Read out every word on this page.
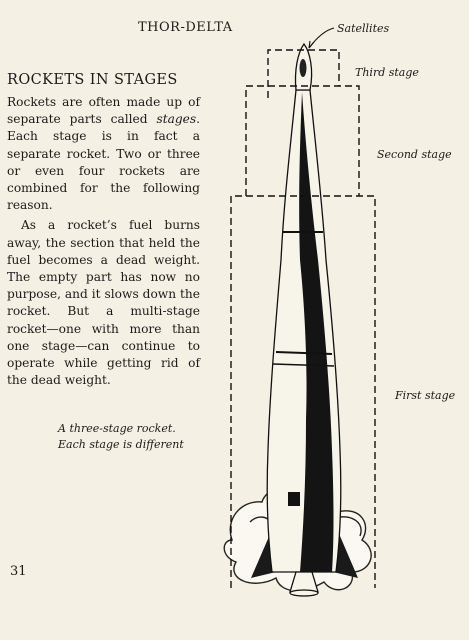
THOR-DELTA
ROCKETS IN STAGES

Rockets are often made up of separate parts called stages. Each stage is in fact a separate rocket. Two or three or even four rockets are combined for the following reason.

As a rocket’s fuel burns away, the section that held the fuel becomes a dead weight. The empty part has now no purpose, and it slows down the rocket. But a multi-stage rocket—one with more than one stage—can continue to operate while getting rid of the dead weight.

A three-stage rocket.
Each stage is different
Satellites
Third stage
Second stage
First stage
31
